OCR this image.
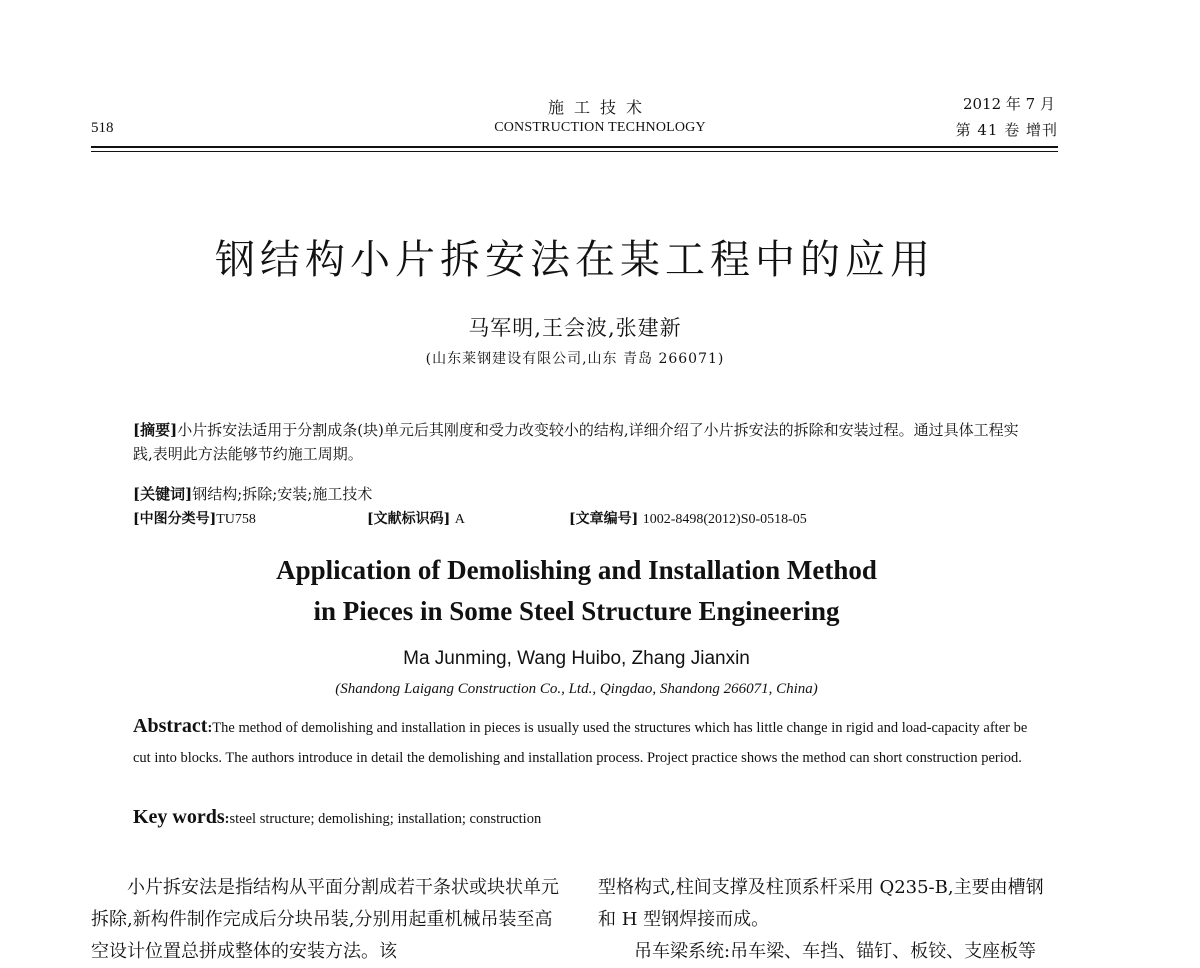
518
施工技术
CONSTRUCTION TECHNOLOGY
2012 年 7 月
第 41 卷 增刊
钢结构小片拆安法在某工程中的应用
马军明,王会波,张建新
(山东莱钢建设有限公司,山东 青岛 266071)
[摘要]小片拆安法适用于分割成条(块)单元后其刚度和受力改变较小的结构,详细介绍了小片拆安法的拆除和安装过程。通过具体工程实践,表明此方法能够节约施工周期。
[关键词]钢结构;拆除;安装;施工技术
[中图分类号]TU758	[文献标识码] A	[文章编号] 1002-8498(2012)S0-0518-05
Application of Demolishing and Installation Method
in Pieces in Some Steel Structure Engineering
Ma Junming, Wang Huibo, Zhang Jianxin
(Shandong Laigang Construction Co., Ltd., Qingdao, Shandong 266071, China)
Abstract:The method of demolishing and installation in pieces is usually used the structures which has little change in rigid and load-capacity after be cut into blocks. The authors introduce in detail the demolishing and installation process. Project practice shows the method can short construction period.
Key words:steel structure; demolishing; installation; construction
小片拆安法是指结构从平面分割成若干条状或块状单元拆除,新构件制作完成后分块吊装,分别用起重机械吊装至高空设计位置总拼成整体的安装方法。该

型格构式,柱间支撑及柱顶系杆采用 Q235-B,主要由槽钢和 H 型钢焊接而成。

吊车梁系统:吊车梁、车挡、锚钉、板铰、支座板等
